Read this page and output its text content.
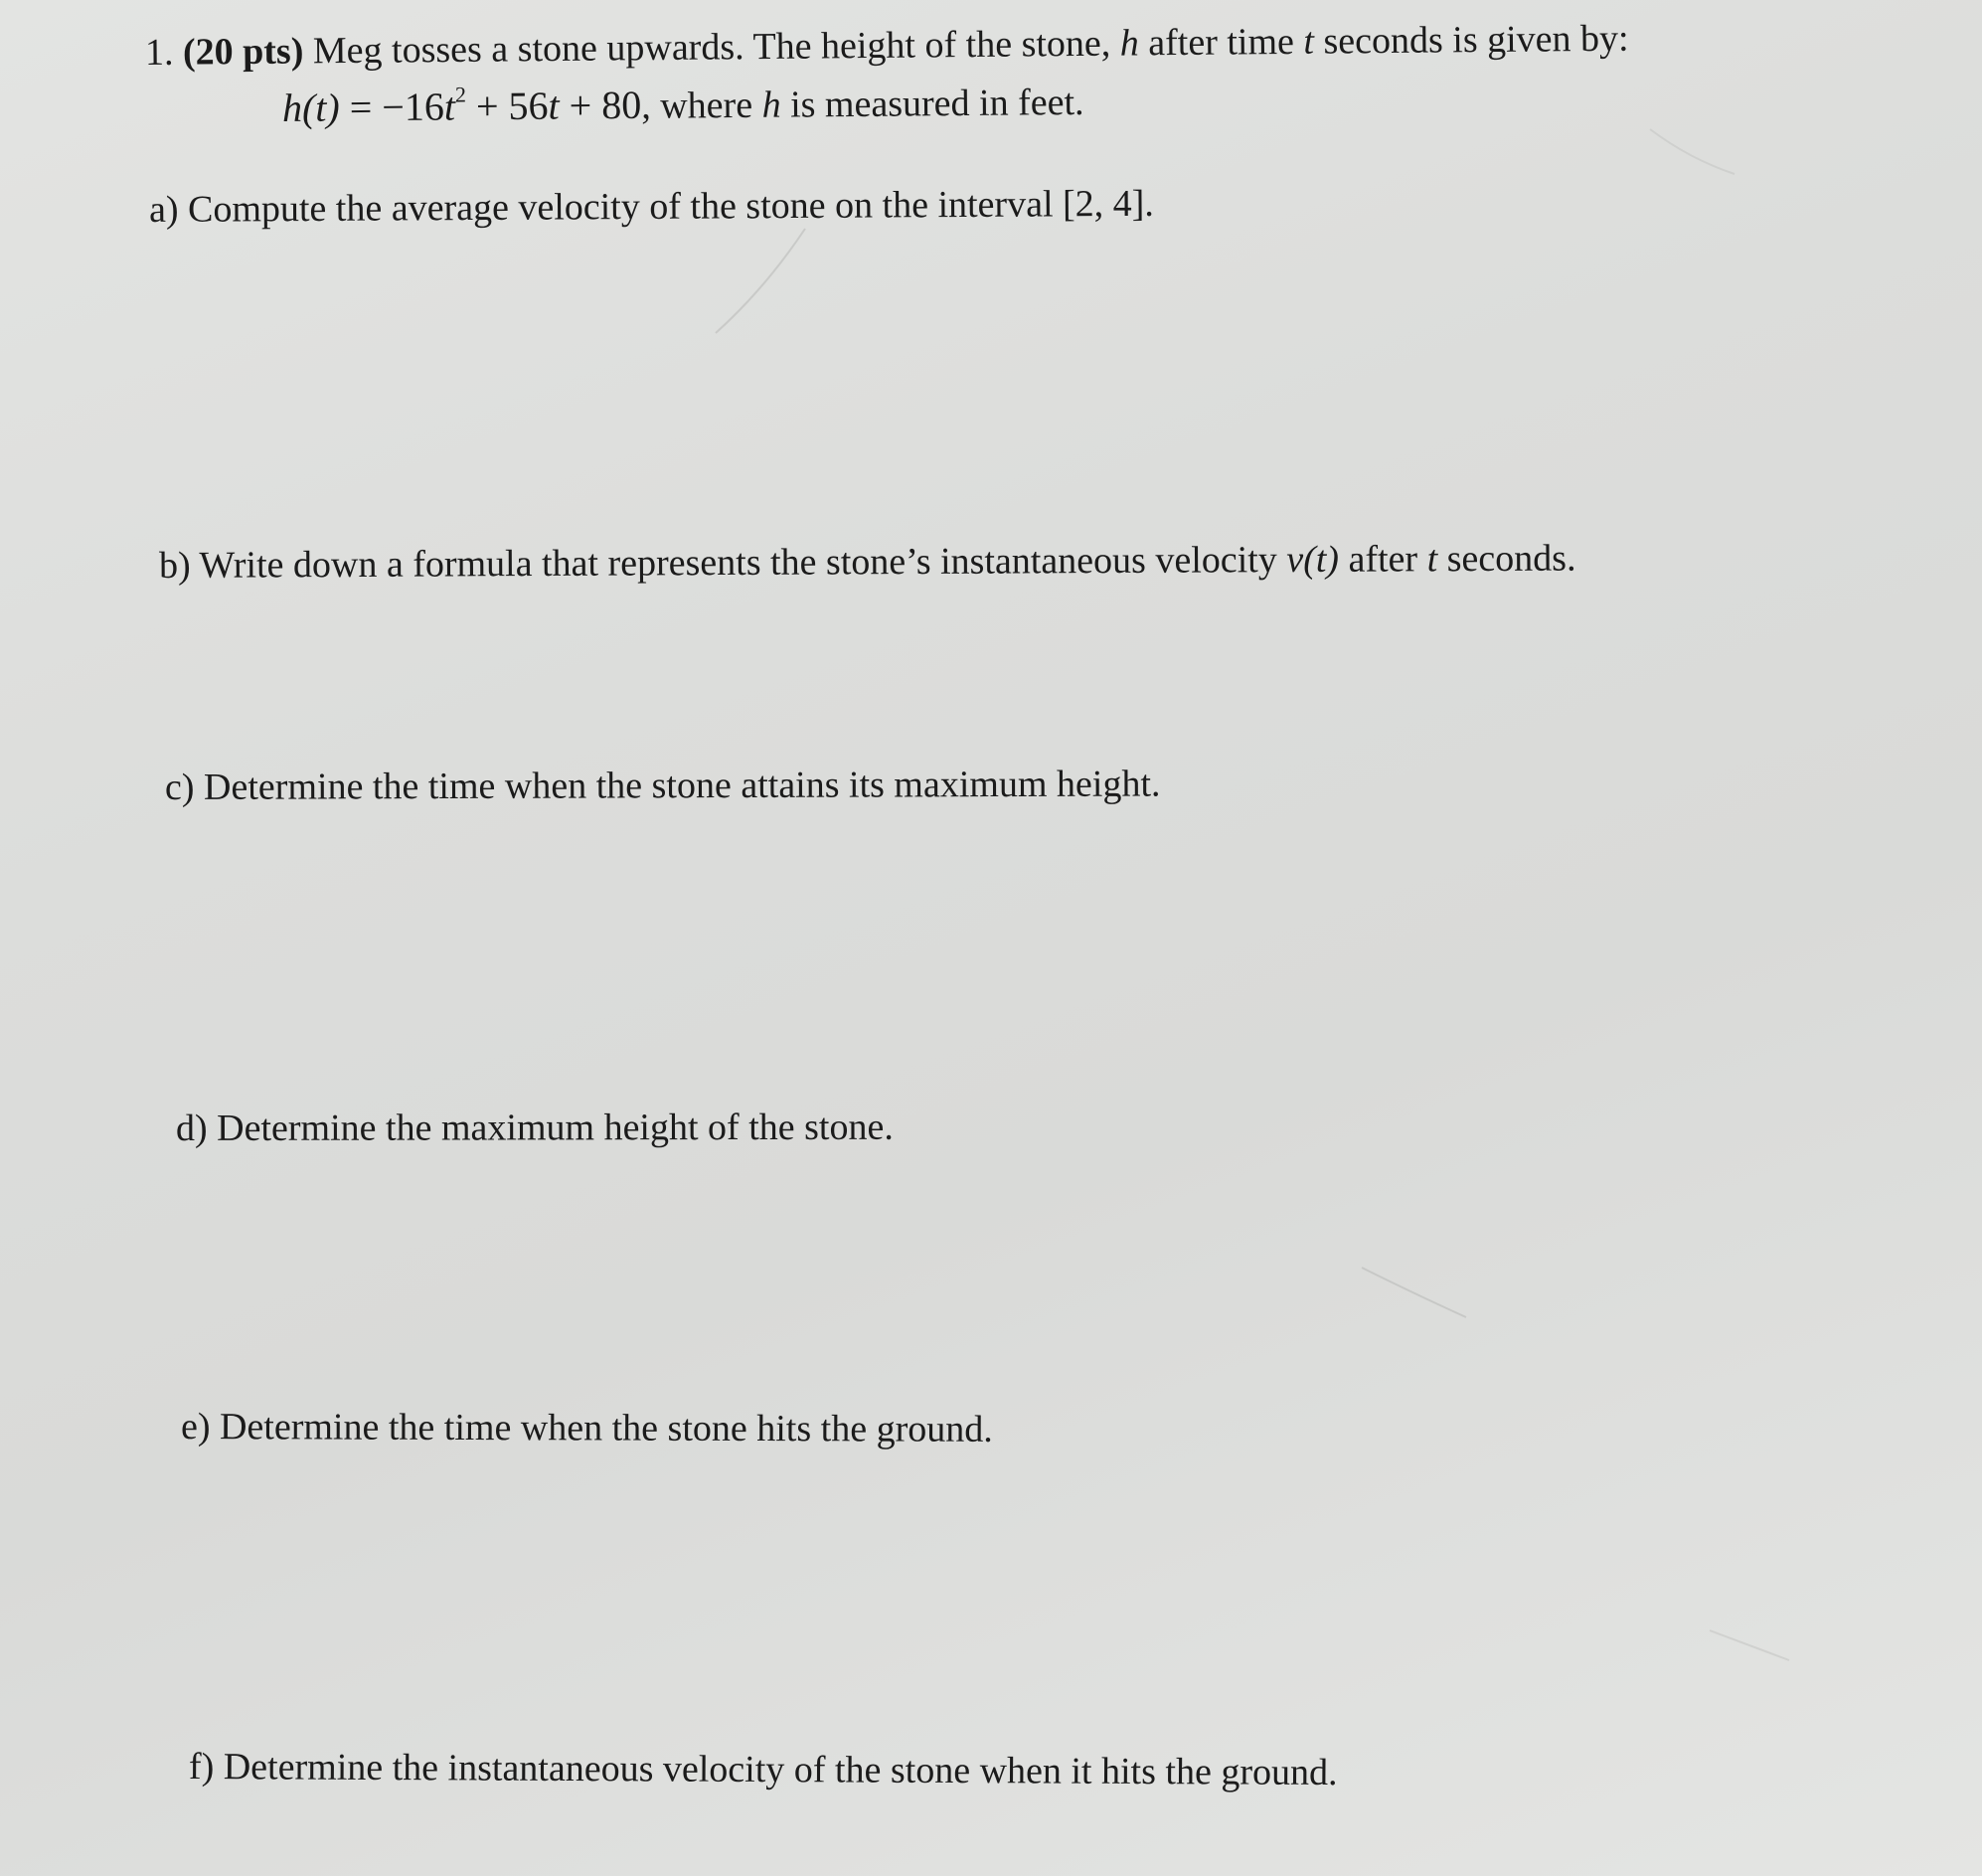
1. (20 pts) Meg tosses a stone upwards. The height of the stone, h after time t seconds is given by:
$h(t) = -16t^2 + 56t + 80$, where h is measured in feet.
a) Compute the average velocity of the stone on the interval [2, 4].
b) Write down a formula that represents the stone’s instantaneous velocity v(t) after t seconds.
c) Determine the time when the stone attains its maximum height.
d) Determine the maximum height of the stone.
e) Determine the time when the stone hits the ground.
f) Determine the instantaneous velocity of the stone when it hits the ground.
